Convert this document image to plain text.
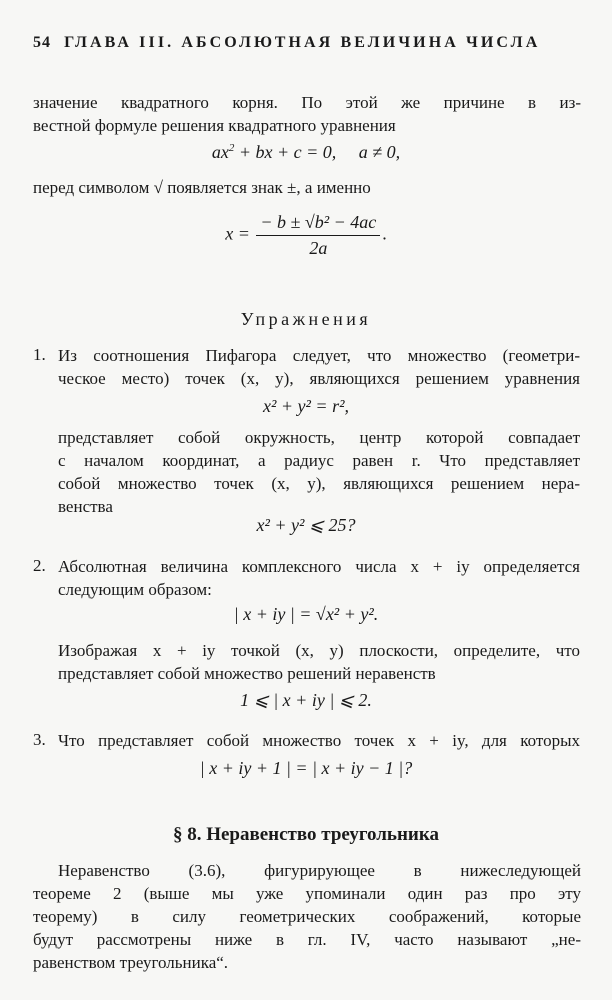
54 ГЛАВА III. АБСОЛЮТНАЯ ВЕЛИЧИНА ЧИСЛА
значение квадратного корня. По этой же причине в из-
вестной формуле решения квадратного уравнения
$ax^2$ + bx + c = 0, a ≠ 0,
перед символом √ появляется знак ±, а именно
$x = \frac{\text{− b ± √b² − 4ac}}{2a}$ .
Упражнения
1. Из соотношения Пифагора следует, что множество (геометри-
ческое место) точек (x, y), являющихся решением уравнения
x² + y² = r²,
представляет собой окружность, центр которой совпадает
с началом координат, а радиус равен r. Что представляет
собой множество точек (x, y), являющихся решением нера-
венства
x² + y² ⩽ 25?
2. Абсолютная величина комплексного числа x + iy определяется
следующим образом:
| x + iy | = √x² + y².
Изображая x + iy точкой (x, y) плоскости, определите, что
представляет собой множество решений неравенств
1 ⩽ | x + iy | ⩽ 2.
3. Что представляет собой множество точек x + iy, для которых
| x + iy + 1 | = | x + iy − 1 |?
§ 8. Неравенство треугольника
Неравенство (3.6), фигурирующее в нижеследующей
теореме 2 (выше мы уже упоминали один раз про эту
теорему) в силу геометрических соображений, которые
будут рассмотрены ниже в гл. IV, часто называют „не-
равенством треугольника“.
